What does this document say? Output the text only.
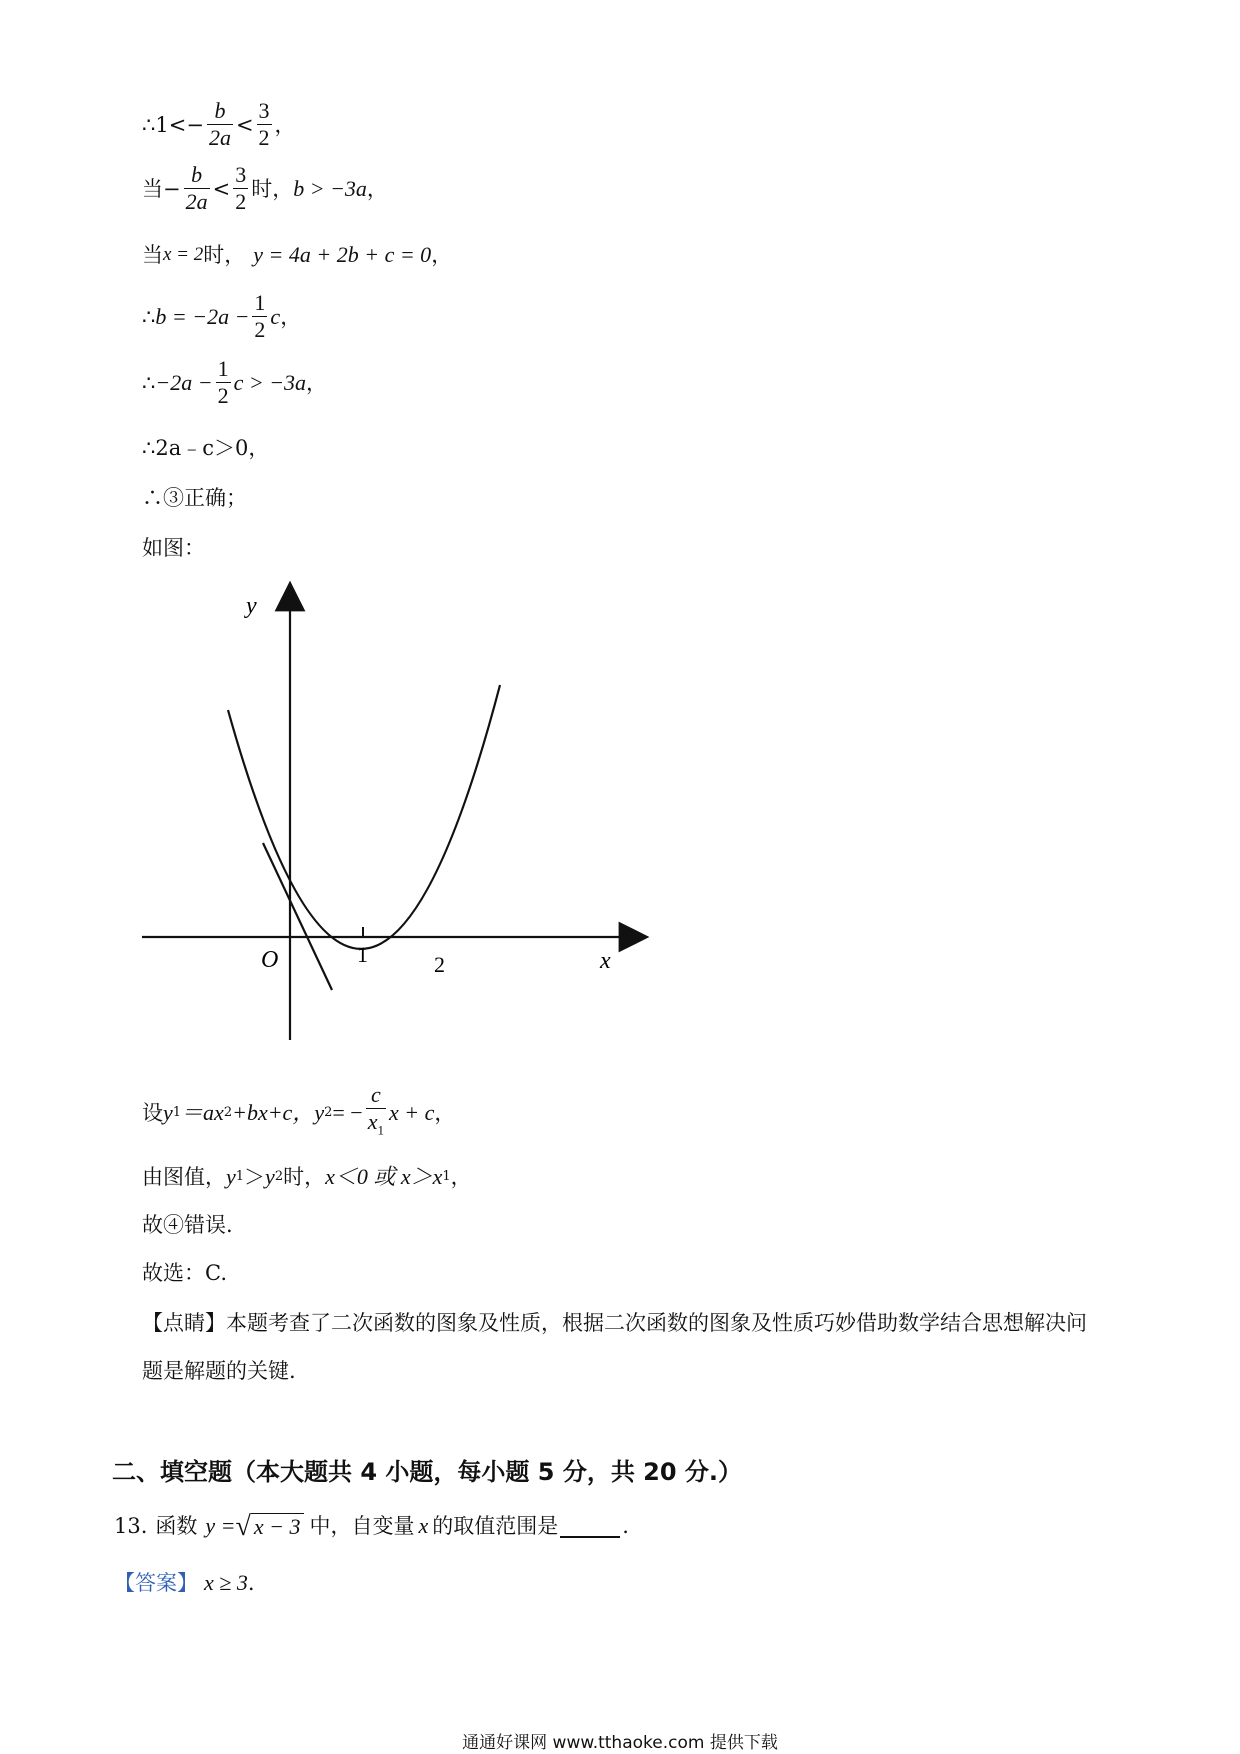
∴1 <− $\frac{b}{2a} < \frac{3}{2}$ ，
当− $\frac{b}{2a} < \frac{3}{2}$ 时， b > −3a ，
当 x = 2 时， y = 4a + 2b + c = 0 ，
∴ $b = -2a - \frac{1}{2}$ c ，
∴ $-2a - \frac{1}{2}$ c > −3a ，
∴2a﹣c＞0，
∴③正确；
如图：
y
x
O	1	2
设 y 1 ＝ax 2 +bx+c， y 2 = − $\frac{c}{x_1}$ x + c ，
由图值， y 1 ＞ y 2 时， x＜0 或 x＞x 1 ，
故④错误.
故选：C.
【点睛】本题考查了二次函数的图象及性质，根据二次函数的图象及性质巧妙借助数学结合思想解决问
题是解题的关键.
二、填空题（本大题共 4 小题，每小题 5 分，共 20 分.）
13. 函数 y = √ x − 3 中，自变量 x 的取值范围是	.
【答案】 x ≥ 3 .
通通好课网 www.tthaoke.com 提供下载
